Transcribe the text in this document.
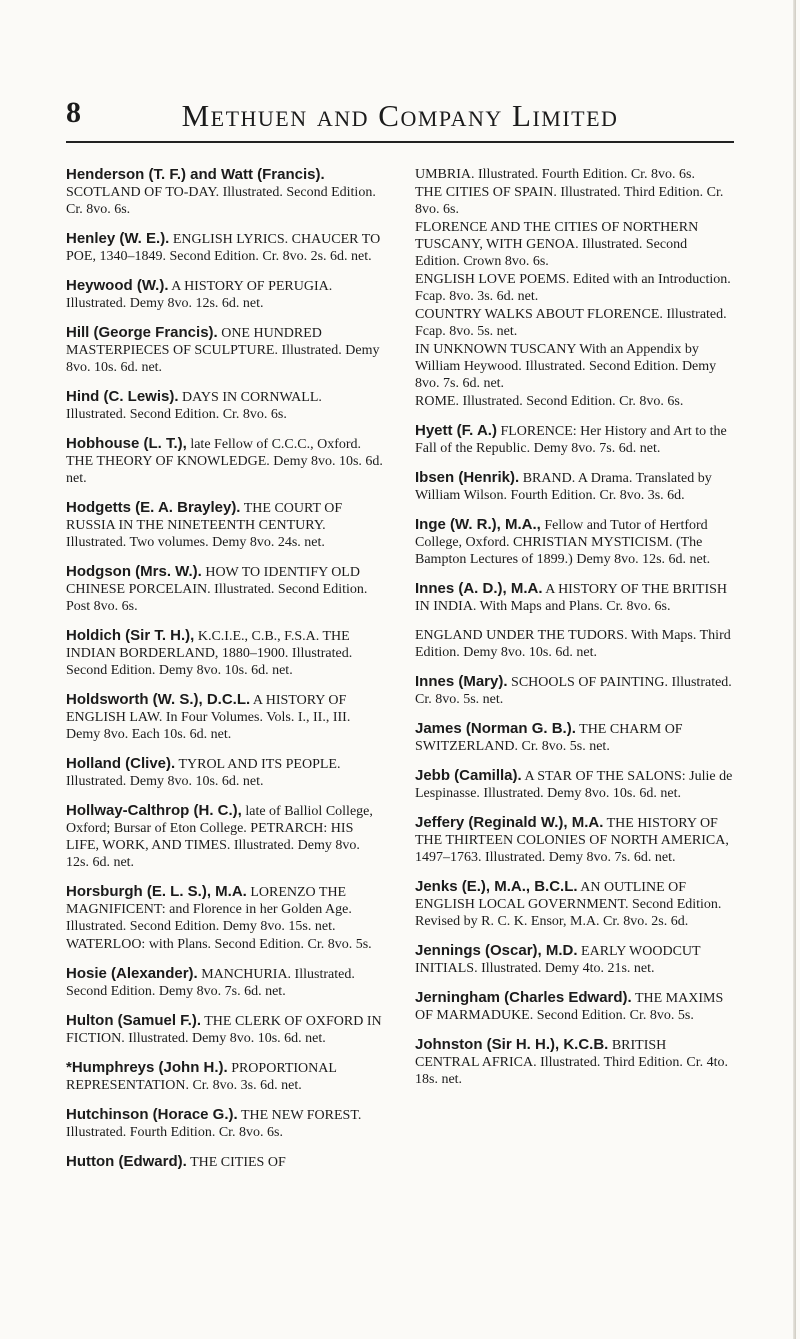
8	Methuen and Company Limited
Henderson (T. F.) and Watt (Francis). SCOTLAND OF TO-DAY. Illustrated. Second Edition. Cr. 8vo. 6s.
Henley (W. E.). ENGLISH LYRICS. CHAUCER TO POE, 1340–1849. Second Edition. Cr. 8vo. 2s. 6d. net.
Heywood (W.). A HISTORY OF PERUGIA. Illustrated. Demy 8vo. 12s. 6d. net.
Hill (George Francis). ONE HUNDRED MASTERPIECES OF SCULPTURE. Illustrated. Demy 8vo. 10s. 6d. net.
Hind (C. Lewis). DAYS IN CORNWALL. Illustrated. Second Edition. Cr. 8vo. 6s.
Hobhouse (L. T.), late Fellow of C.C.C., Oxford. THE THEORY OF KNOWLEDGE. Demy 8vo. 10s. 6d. net.
Hodgetts (E. A. Brayley). THE COURT OF RUSSIA IN THE NINETEENTH CENTURY. Illustrated. Two volumes. Demy 8vo. 24s. net.
Hodgson (Mrs. W.). HOW TO IDENTIFY OLD CHINESE PORCELAIN. Illustrated. Second Edition. Post 8vo. 6s.
Holdich (Sir T. H.), K.C.I.E., C.B., F.S.A. THE INDIAN BORDERLAND, 1880–1900. Illustrated. Second Edition. Demy 8vo. 10s. 6d. net.
Holdsworth (W. S.), D.C.L. A HISTORY OF ENGLISH LAW. In Four Volumes. Vols. I., II., III. Demy 8vo. Each 10s. 6d. net.
Holland (Clive). TYROL AND ITS PEOPLE. Illustrated. Demy 8vo. 10s. 6d. net.
Hollway-Calthrop (H. C.), late of Balliol College, Oxford; Bursar of Eton College. PETRARCH: HIS LIFE, WORK, AND TIMES. Illustrated. Demy 8vo. 12s. 6d. net.
Horsburgh (E. L. S.), M.A. LORENZO THE MAGNIFICENT: and Florence in her Golden Age. Illustrated. Second Edition. Demy 8vo. 15s. net.
WATERLOO: with Plans. Second Edition. Cr. 8vo. 5s.
Hosie (Alexander). MANCHURIA. Illustrated. Second Edition. Demy 8vo. 7s. 6d. net.
Hulton (Samuel F.). THE CLERK OF OXFORD IN FICTION. Illustrated. Demy 8vo. 10s. 6d. net.
*Humphreys (John H.). PROPORTIONAL REPRESENTATION. Cr. 8vo. 3s. 6d. net.
Hutchinson (Horace G.). THE NEW FOREST. Illustrated. Fourth Edition. Cr. 8vo. 6s.
Hutton (Edward). THE CITIES OF
UMBRIA. Illustrated. Fourth Edition. Cr. 8vo. 6s.
THE CITIES OF SPAIN. Illustrated. Third Edition. Cr. 8vo. 6s.
FLORENCE AND THE CITIES OF NORTHERN TUSCANY, WITH GENOA. Illustrated. Second Edition. Crown 8vo. 6s.
ENGLISH LOVE POEMS. Edited with an Introduction. Fcap. 8vo. 3s. 6d. net.
COUNTRY WALKS ABOUT FLORENCE. Illustrated. Fcap. 8vo. 5s. net.
IN UNKNOWN TUSCANY With an Appendix by William Heywood. Illustrated. Second Edition. Demy 8vo. 7s. 6d. net.
ROME. Illustrated. Second Edition. Cr. 8vo. 6s.
Hyett (F. A.) FLORENCE: Her History and Art to the Fall of the Republic. Demy 8vo. 7s. 6d. net.
Ibsen (Henrik). BRAND. A Drama. Translated by William Wilson. Fourth Edition. Cr. 8vo. 3s. 6d.
Inge (W. R.), M.A., Fellow and Tutor of Hertford College, Oxford. CHRISTIAN MYSTICISM. (The Bampton Lectures of 1899.) Demy 8vo. 12s. 6d. net.
Innes (A. D.), M.A. A HISTORY OF THE BRITISH IN INDIA. With Maps and Plans. Cr. 8vo. 6s.
ENGLAND UNDER THE TUDORS. With Maps. Third Edition. Demy 8vo. 10s. 6d. net.
Innes (Mary). SCHOOLS OF PAINTING. Illustrated. Cr. 8vo. 5s. net.
James (Norman G. B.). THE CHARM OF SWITZERLAND. Cr. 8vo. 5s. net.
Jebb (Camilla). A STAR OF THE SALONS: Julie de Lespinasse. Illustrated. Demy 8vo. 10s. 6d. net.
Jeffery (Reginald W.), M.A. THE HISTORY OF THE THIRTEEN COLONIES OF NORTH AMERICA, 1497–1763. Illustrated. Demy 8vo. 7s. 6d. net.
Jenks (E.), M.A., B.C.L. AN OUTLINE OF ENGLISH LOCAL GOVERNMENT. Second Edition. Revised by R. C. K. Ensor, M.A. Cr. 8vo. 2s. 6d.
Jennings (Oscar), M.D. EARLY WOODCUT INITIALS. Illustrated. Demy 4to. 21s. net.
Jerningham (Charles Edward). THE MAXIMS OF MARMADUKE. Second Edition. Cr. 8vo. 5s.
Johnston (Sir H. H.), K.C.B. BRITISH CENTRAL AFRICA. Illustrated. Third Edition. Cr. 4to. 18s. net.
